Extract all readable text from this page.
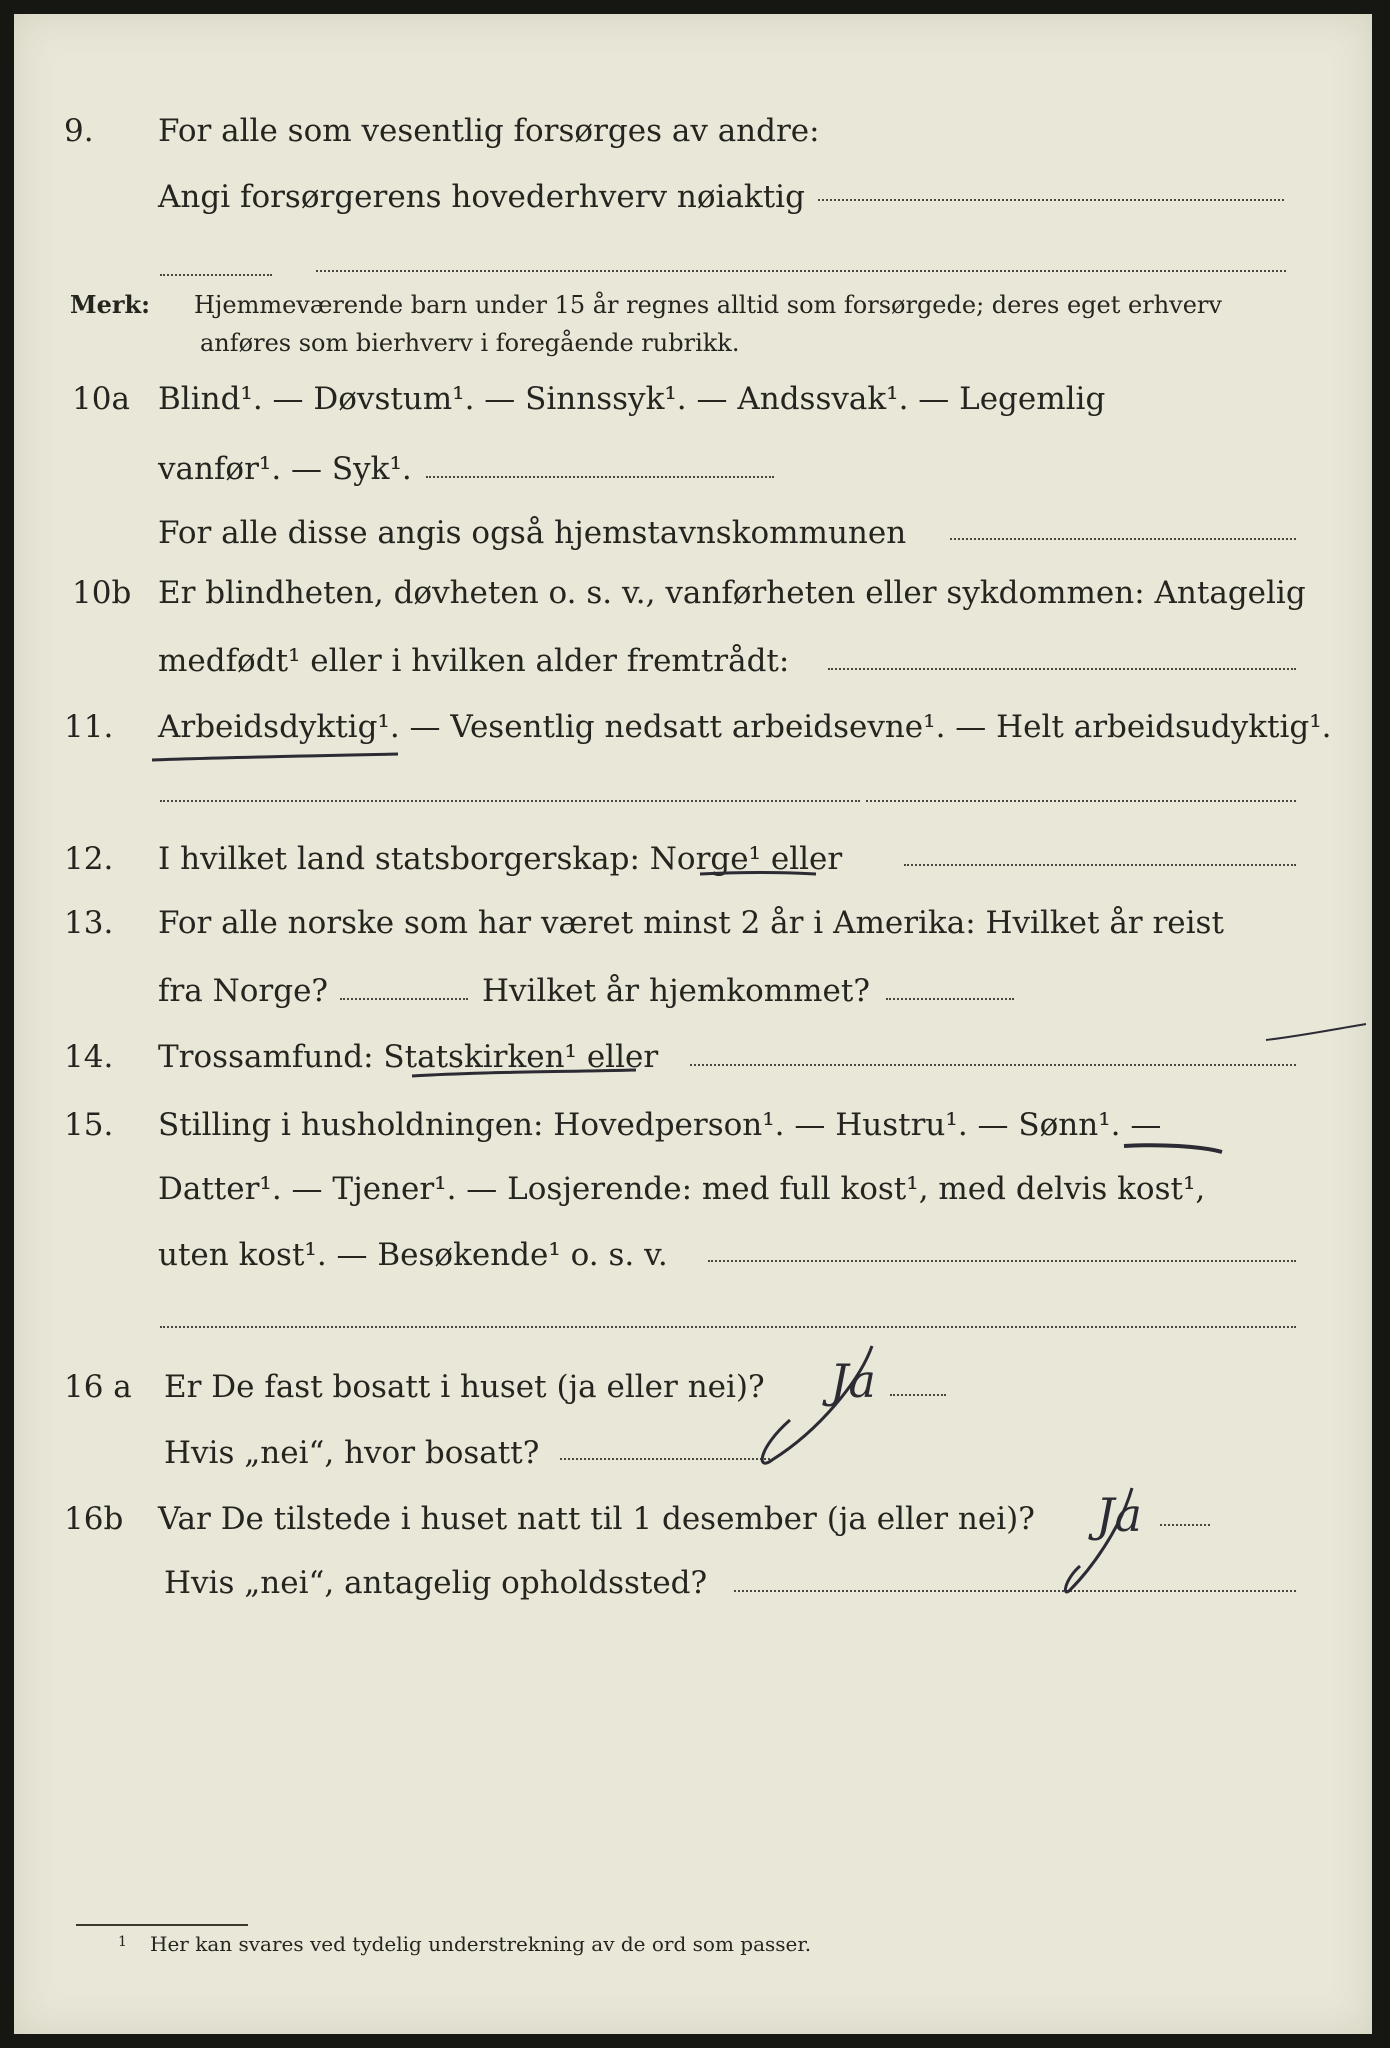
9. For alle som vesentlig forsørges av andre:
Angi forsørgerens hovederhverv nøiaktig
Merk: Hjemmeværende barn under 15 år regnes alltid som forsørgede; deres eget erhverv
anføres som bierhverv i foregående rubrikk.
10a Blind¹. — Døvstum¹. — Sinnssyk¹. — Andssvak¹. — Legemlig
vanfør¹. — Syk¹.
For alle disse angis også hjemstavnskommunen
10b Er blindheten, døvheten o. s. v., vanførheten eller sykdommen: Antagelig
medfødt¹ eller i hvilken alder fremtrådt:
11. Arbeidsdyktig¹. — Vesentlig nedsatt arbeidsevne¹. — Helt arbeidsudyktig¹.
12. I hvilket land statsborgerskap: Norge¹ eller
13. For alle norske som har været minst 2 år i Amerika: Hvilket år reist
fra Norge?	Hvilket år hjemkommet?
14. Trossamfund: Statskirken¹ eller
15. Stilling i husholdningen: Hovedperson¹. — Hustru¹. — Sønn¹. —
Datter¹. — Tjener¹. — Losjerende: med full kost¹, med delvis kost¹,
uten kost¹. — Besøkende¹ o. s. v.
16 a Er De fast bosatt i huset (ja eller nei)? Ja
Hvis „nei“, hvor bosatt?
16b Var De tilstede i huset natt til 1 desember (ja eller nei)? Ja
Hvis „nei“, antagelig opholdssted?
1 Her kan svares ved tydelig understrekning av de ord som passer.
